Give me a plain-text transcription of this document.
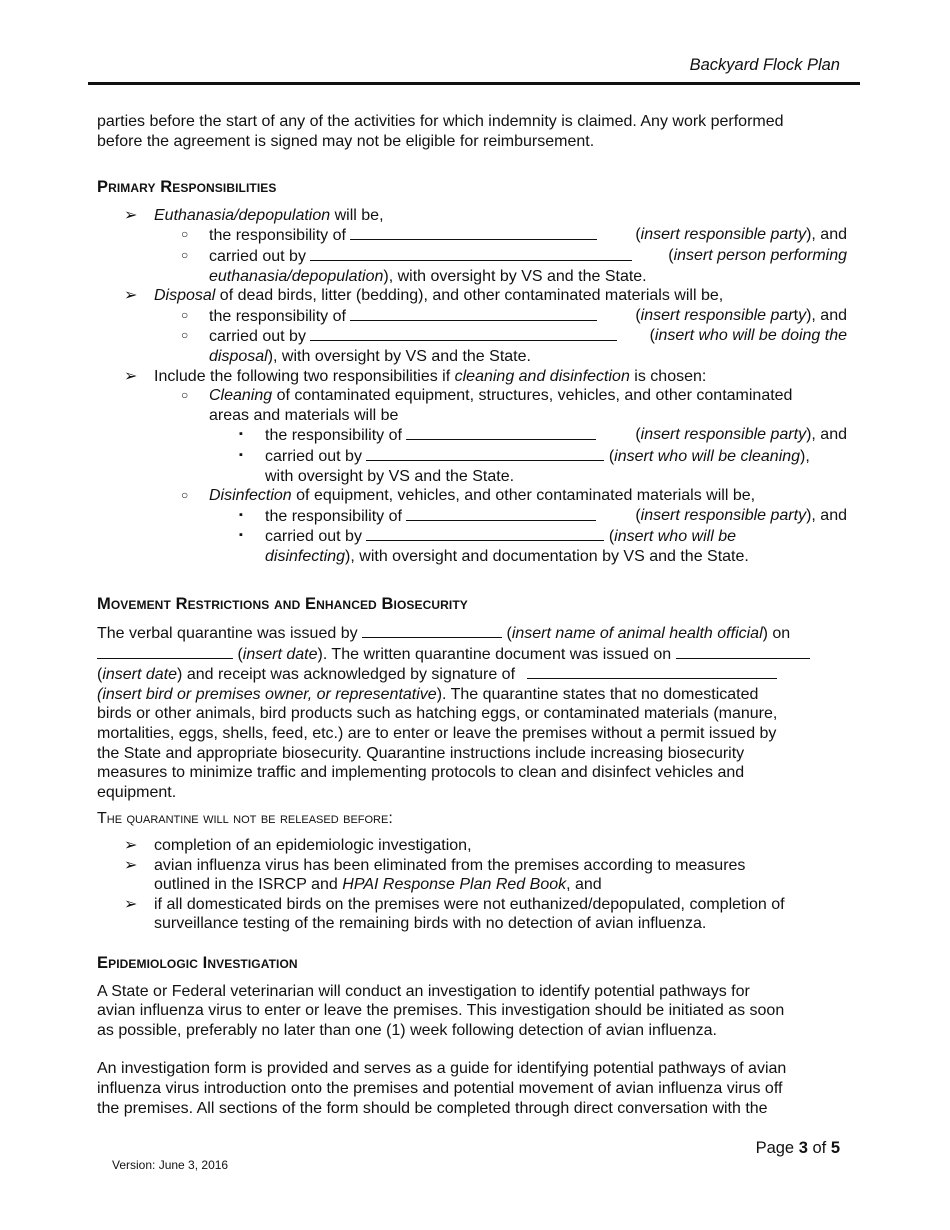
Backyard Flock Plan

parties before the start of any of the activities for which indemnity is claimed. Any work performed

before the agreement is signed may not be eligible for reimbursement.

Primary Responsibilities

➢ Euthanasia/depopulation will be,
○ the responsibility of	(insert responsible party), and
○ carried out by	(insert person performing
euthanasia/depopulation), with oversight by VS and the State.
➢ Disposal of dead birds, litter (bedding), and other contaminated materials will be,
○ the responsibility of	(insert responsible party), and
○ carried out by	(insert who will be doing the
disposal), with oversight by VS and the State.
➢ Include the following two responsibilities if cleaning and disinfection is chosen:
○ Cleaning of contaminated equipment, structures, vehicles, and other contaminated
areas and materials will be
▪ the responsibility of	(insert responsible party), and
▪ carried out by	(insert who will be cleaning),
with oversight by VS and the State.
○ Disinfection of equipment, vehicles, and other contaminated materials will be,
▪ the responsibility of	(insert responsible party), and
▪ carried out by	(insert who will be
disinfecting), with oversight and documentation by VS and the State.

Movement Restrictions and Enhanced Biosecurity

The verbal quarantine was issued by	(insert name of animal health official) on

(insert date). The written quarantine document was issued on

(insert date) and receipt was acknowledged by signature of

(insert bird or premises owner, or representative). The quarantine states that no domesticated

birds or other animals, bird products such as hatching eggs, or contaminated materials (manure,

mortalities, eggs, shells, feed, etc.) are to enter or leave the premises without a permit issued by

the State and appropriate biosecurity. Quarantine instructions include increasing biosecurity

measures to minimize traffic and implementing protocols to clean and disinfect vehicles and

equipment.

The quarantine will not be released before:

➢ completion of an epidemiologic investigation,
➢ avian influenza virus has been eliminated from the premises according to measures
outlined in the ISRCP and HPAI Response Plan Red Book, and
➢ if all domesticated birds on the premises were not euthanized/depopulated, completion of
surveillance testing of the remaining birds with no detection of avian influenza.

Epidemiologic Investigation

A State or Federal veterinarian will conduct an investigation to identify potential pathways for

avian influenza virus to enter or leave the premises. This investigation should be initiated as soon

as possible, preferably no later than one (1) week following detection of avian influenza.

An investigation form is provided and serves as a guide for identifying potential pathways of avian

influenza virus introduction onto the premises and potential movement of avian influenza virus off

the premises. All sections of the form should be completed through direct conversation with the

Page 3 of 5
Version: June 3, 2016
